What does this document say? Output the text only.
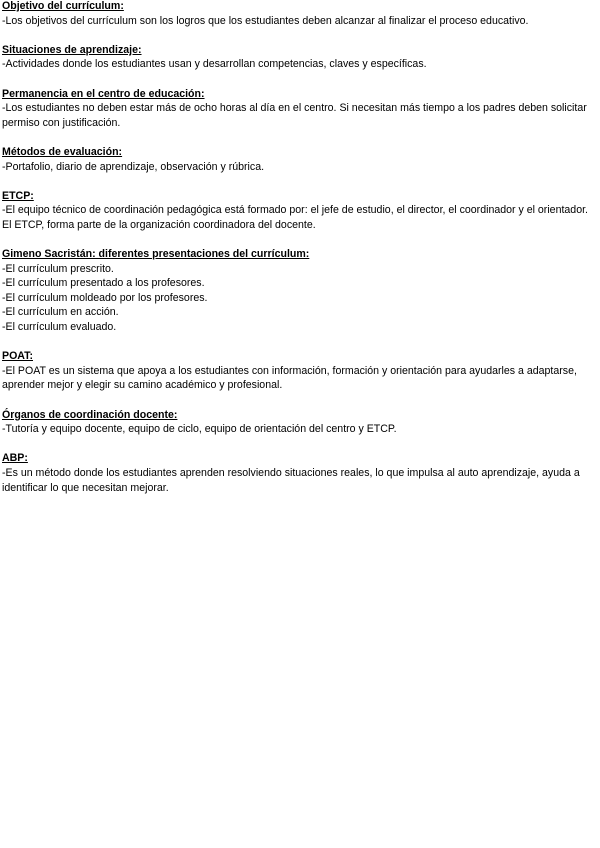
Objetivo del currículum:
-Los objetivos del currículum son los logros que los estudiantes deben alcanzar al finalizar el proceso educativo.
Situaciones de aprendizaje:
-Actividades donde los estudiantes usan y desarrollan competencias, claves y específicas.
Permanencia en el centro de educación:
-Los estudiantes no deben estar más de ocho horas al día en el centro. Si necesitan más tiempo a los padres deben solicitar permiso con justificación.
Métodos de evaluación:
-Portafolio, diario de aprendizaje, observación y rúbrica.
ETCP:
-El equipo técnico de coordinación pedagógica está formado por: el jefe de estudio, el director, el coordinador y el orientador. El ETCP, forma parte de la organización coordinadora del docente.
Gimeno Sacristán: diferentes presentaciones del currículum:
-El currículum prescrito.
-El currículum presentado a los profesores.
-El currículum moldeado por los profesores.
-El currículum en acción.
-El currículum evaluado.
POAT:
-El POAT es un sistema que apoya a los estudiantes con información, formación y orientación para ayudarles a adaptarse, aprender mejor y elegir su camino académico y profesional.
Órganos de coordinación docente:
-Tutoría y equipo docente, equipo de ciclo, equipo de orientación del centro y ETCP.
ABP:
-Es un método donde los estudiantes aprenden resolviendo situaciones reales, lo que impulsa al auto aprendizaje, ayuda a identificar lo que necesitan mejorar.
